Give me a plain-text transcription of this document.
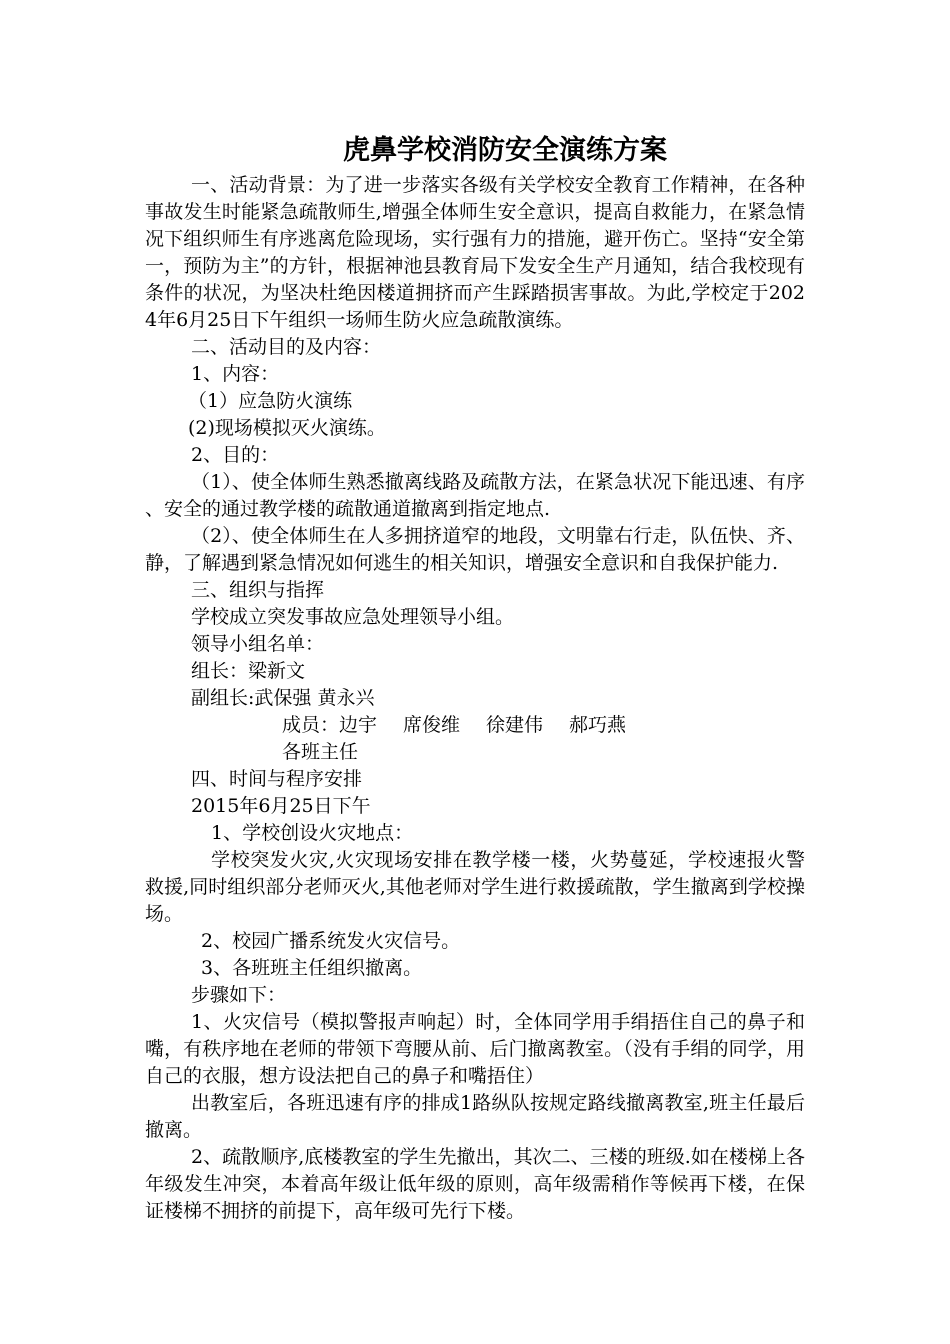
虎鼻学校消防安全演练方案

一、活动背景：为了进一步落实各级有关学校安全教育工作精神，在各种事故发生时能紧急疏散师生,增强全体师生安全意识，提高自救能力，在紧急情况下组织师生有序逃离危险现场，实行强有力的措施，避开伤亡。坚持“安全第一，预防为主”的方针，根据神池县教育局下发安全生产月通知，结合我校现有条件的状况，为坚决杜绝因楼道拥挤而产生踩踏损害事故。为此,学校定于2024年6月25日下午组织一场师生防火应急疏散演练。

二、活动目的及内容：

1、内容：

（1）应急防火演练

(2)现场模拟灭火演练。

2、目的：

（1）、使全体师生熟悉撤离线路及疏散方法，在紧急状况下能迅速、有序、安全的通过教学楼的疏散通道撤离到指定地点.

（2）、使全体师生在人多拥挤道窄的地段，文明靠右行走，队伍快、齐、静，了解遇到紧急情况如何逃生的相关知识，增强安全意识和自我保护能力.

三、组织与指挥

学校成立突发事故应急处理领导小组。

领导小组名单：

组长：梁新文

副组长:武保强 黄永兴

成员：边宇 席俊维 徐建伟 郝巧燕

各班主任

四、时间与程序安排

2015年6月25日下午

1、学校创设火灾地点：

学校突发火灾,火灾现场安排在教学楼一楼，火势蔓延，学校速报火警救援,同时组织部分老师灭火,其他老师对学生进行救援疏散，学生撤离到学校操场。

2、校园广播系统发火灾信号。

3、各班班主任组织撤离。

步骤如下：

1、火灾信号（模拟警报声响起）时，全体同学用手绢捂住自己的鼻子和嘴，有秩序地在老师的带领下弯腰从前、后门撤离教室。（没有手绢的同学，用自己的衣服，想方设法把自己的鼻子和嘴捂住）

出教室后，各班迅速有序的排成1路纵队按规定路线撤离教室,班主任最后撤离。

2、疏散顺序,底楼教室的学生先撤出，其次二、三楼的班级.如在楼梯上各年级发生冲突，本着高年级让低年级的原则，高年级需稍作等候再下楼，在保证楼梯不拥挤的前提下，高年级可先行下楼。
